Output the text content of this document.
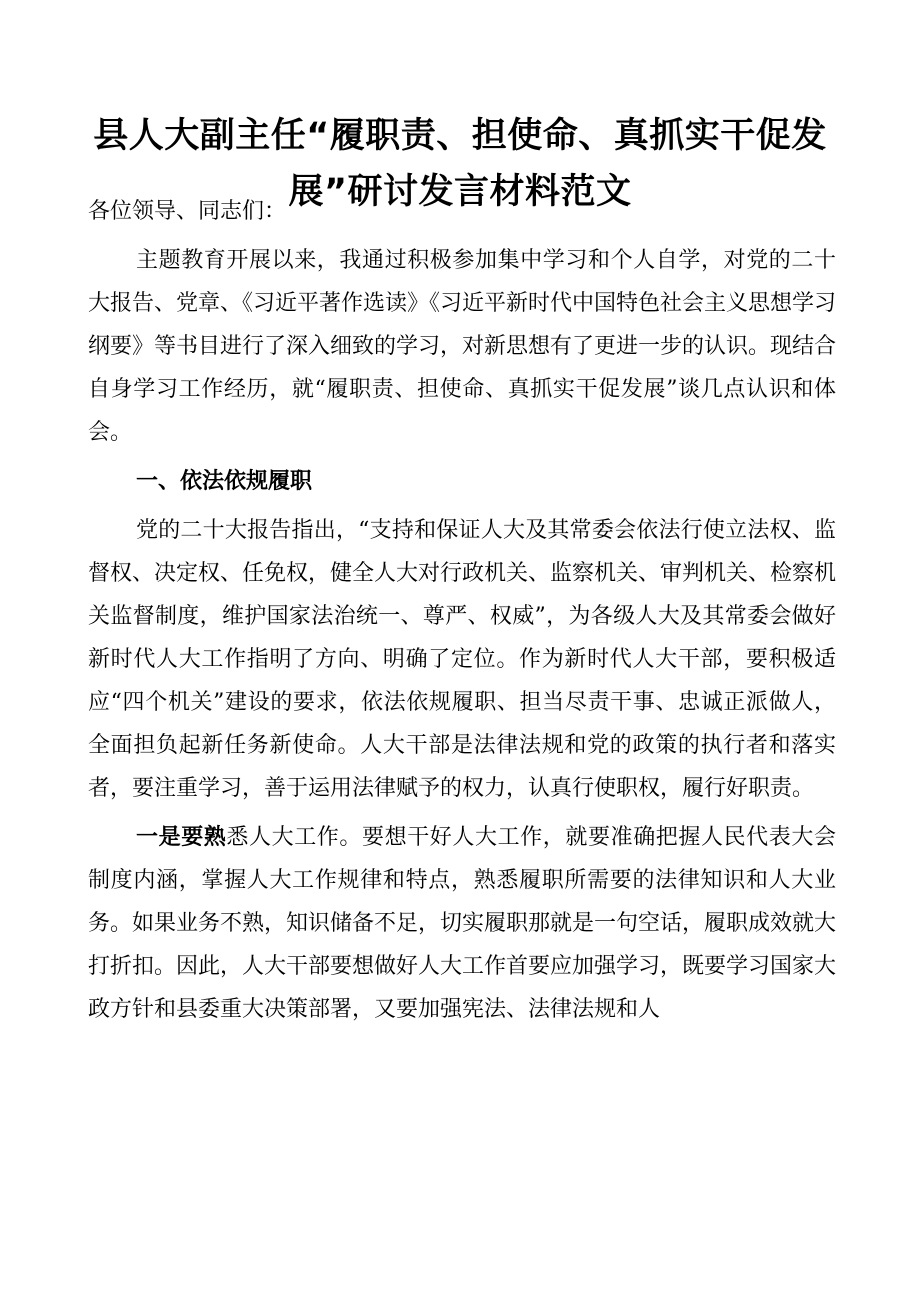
县人大副主任“履职责、担使命、真抓实干促发
展”研讨发言材料范文

各位领导、同志们：

主题教育开展以来，我通过积极参加集中学习和个人自学，对党的二十大报告、党章、《习近平著作选读》《习近平新时代中国特色社会主义思想学习纲要》等书目进行了深入细致的学习，对新思想有了更进一步的认识。现结合自身学习工作经历，就“履职责、担使命、真抓实干促发展”谈几点认识和体会。

一、依法依规履职

党的二十大报告指出，“支持和保证人大及其常委会依法行使立法权、监督权、决定权、任免权，健全人大对行政机关、监察机关、审判机关、检察机关监督制度，维护国家法治统一、尊严、权威”，为各级人大及其常委会做好新时代人大工作指明了方向、明确了定位。作为新时代人大干部，要积极适应“四个机关”建设的要求，依法依规履职、担当尽责干事、忠诚正派做人，全面担负起新任务新使命。人大干部是法律法规和党的政策的执行者和落实者，要注重学习，善于运用法律赋予的权力，认真行使职权，履行好职责。

一是要熟悉人大工作。要想干好人大工作，就要准确把握人民代表大会制度内涵，掌握人大工作规律和特点，熟悉履职所需要的法律知识和人大业务。如果业务不熟，知识储备不足，切实履职那就是一句空话，履职成效就大打折扣。因此，人大干部要想做好人大工作首要应加强学习，既要学习国家大政方针和县委重大决策部署，又要加强宪法、法律法规和人
